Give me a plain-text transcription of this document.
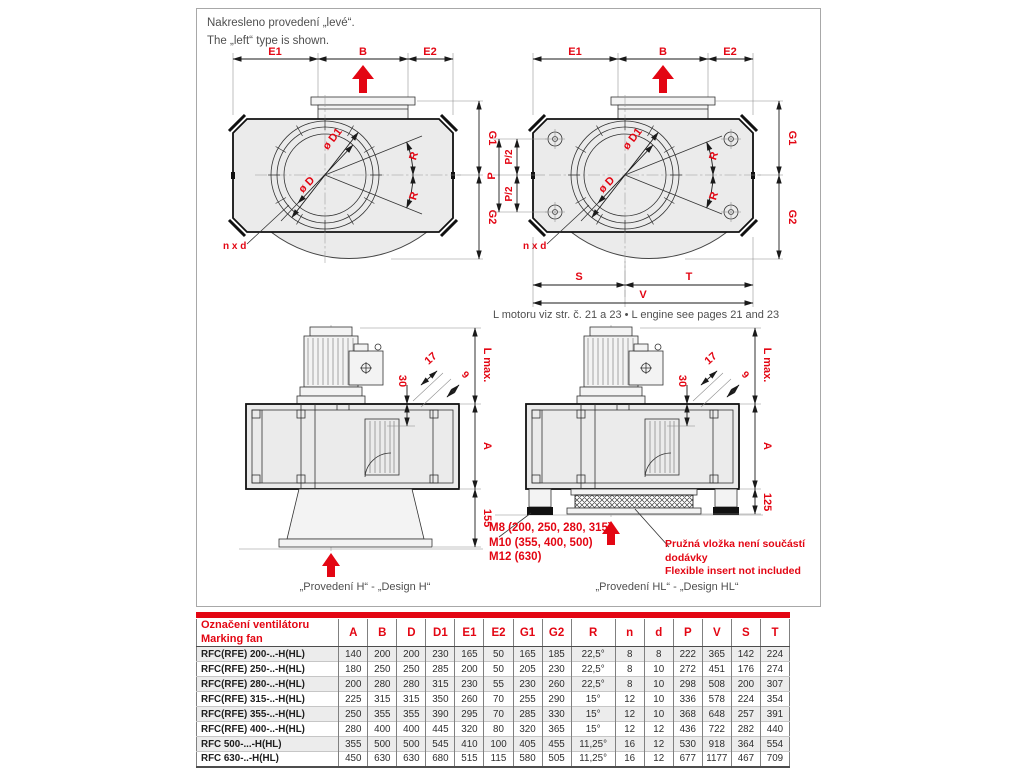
Nakresleno provedení „levé“.
The „left“ type is shown.
E1	B	E2
ø D1
ø D
R
R
n x d
G1
G2
E1	B	E2
ø D1
ø D
R
R
n x d
P/2
P/2
P
G1
G2
S	T
V
L motoru viz str. č. 21 a 23 • L engine see pages 21 and 23
L max.
A
155
30
17
9	L max.
A
125
30
17
9
M8 (200, 250, 280, 315)
M10 (355, 400, 500)
M12 (630)
Pružná vložka není součástí dodávky
Flexible insert not included
„Provedení H“ - „Design H“	„Provedení HL“ - „Design HL“
Označení ventilátoru
Marking fan	A	B	D	D1	E1	E2	G1	G2	R	n	d	P	V	S	T
RFC(RFE) 200-..-H(HL)	140	200	200	230	165	50	165	185	22,5°	8	8	222	365	142	224
RFC(RFE) 250-..-H(HL)	180	250	250	285	200	50	205	230	22,5°	8	10	272	451	176	274
RFC(RFE) 280-..-H(HL)	200	280	280	315	230	55	230	260	22,5°	8	10	298	508	200	307
RFC(RFE) 315-..-H(HL)	225	315	315	350	260	70	255	290	15°	12	10	336	578	224	354
RFC(RFE) 355-..-H(HL)	250	355	355	390	295	70	285	330	15°	12	10	368	648	257	391
RFC(RFE) 400-..-H(HL)	280	400	400	445	320	80	320	365	15°	12	12	436	722	282	440
RFC 500-...-H(HL)	355	500	500	545	410	100	405	455	11,25°	16	12	530	918	364	554
RFC 630-..-H(HL)	450	630	630	680	515	115	580	505	11,25°	16	12	677	1177	467	709
